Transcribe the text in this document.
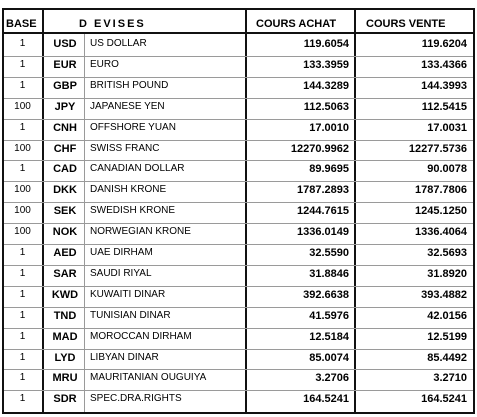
BASE	D EVISES	COURS ACHAT	COURS VENTE
1	USD	US DOLLAR	119.6054	119.6204
1	EUR	EURO	133.3959	133.4366
1	GBP	BRITISH POUND	144.3289	144.3993
100	JPY	JAPANESE YEN	112.5063	112.5415
1	CNH	OFFSHORE YUAN	17.0010	17.0031
100	CHF	SWISS FRANC	12270.9962	12277.5736
1	CAD	CANADIAN DOLLAR	89.9695	90.0078
100	DKK	DANISH KRONE	1787.2893	1787.7806
100	SEK	SWEDISH KRONE	1244.7615	1245.1250
100	NOK	NORWEGIAN KRONE	1336.0149	1336.4064
1	AED	UAE DIRHAM	32.5590	32.5693
1	SAR	SAUDI RIYAL	31.8846	31.8920
1	KWD	KUWAITI DINAR	392.6638	393.4882
1	TND	TUNISIAN DINAR	41.5976	42.0156
1	MAD	MOROCCAN DIRHAM	12.5184	12.5199
1	LYD	LIBYAN DINAR	85.0074	85.4492
1	MRU	MAURITANIAN OUGUIYA	3.2706	3.2710
1	SDR	SPEC.DRA.RIGHTS	164.5241	164.5241
